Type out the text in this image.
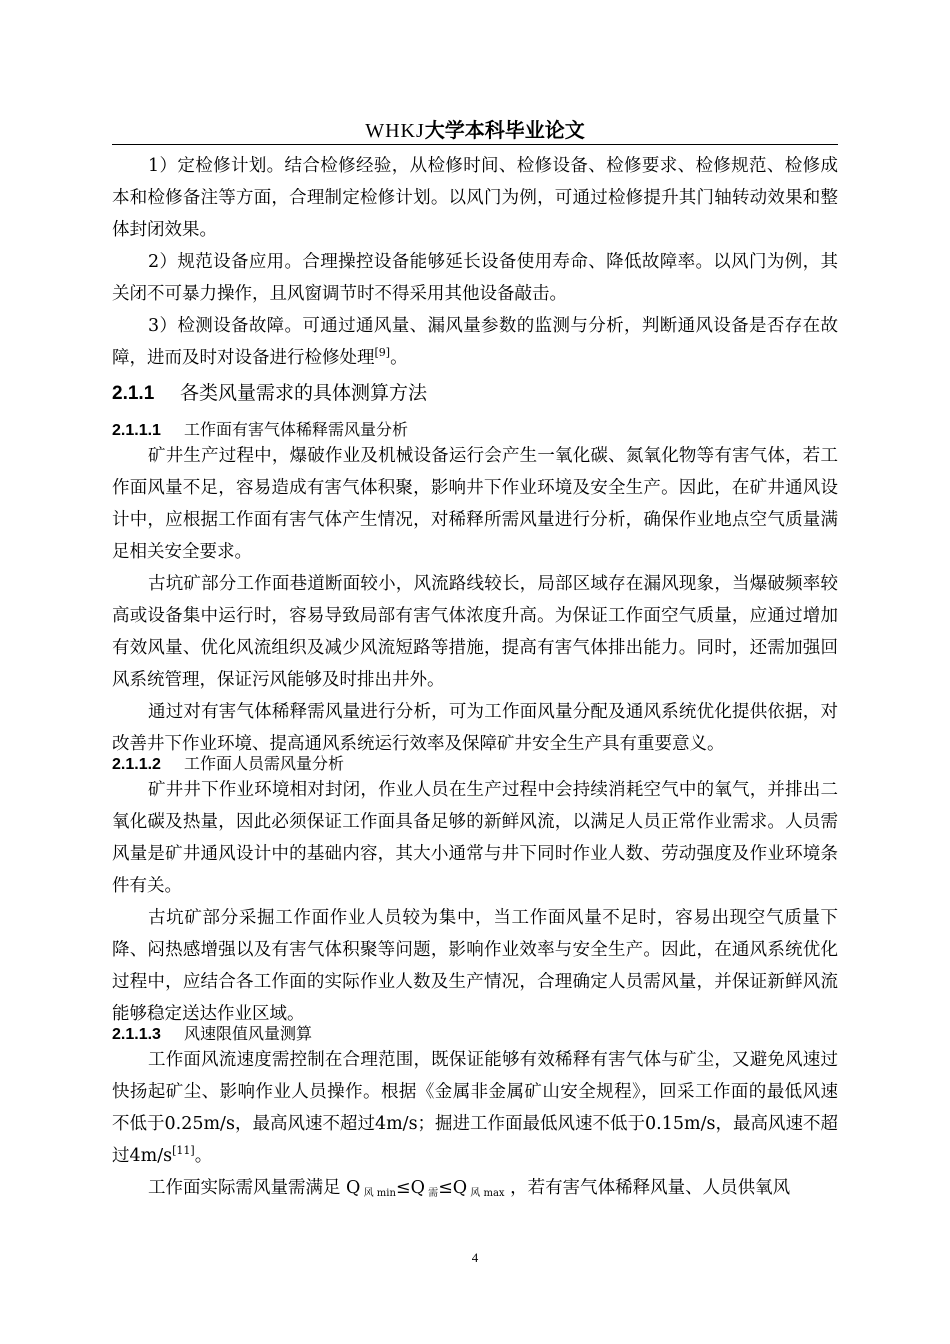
WHKJ大学本科毕业论文

1）定检修计划。结合检修经验，从检修时间、检修设备、检修要求、检修规范、检修成本和检修备注等方面，合理制定检修计划。以风门为例，可通过检修提升其门轴转动效果和整体封闭效果。

2）规范设备应用。合理操控设备能够延长设备使用寿命、降低故障率。以风门为例，其关闭不可暴力操作，且风窗调节时不得采用其他设备敲击。

3）检测设备故障。可通过通风量、漏风量参数的监测与分析，判断通风设备是否存在故障，进而及时对设备进行检修处理[9]。

2.1.1 各类风量需求的具体测算方法
2.1.1.1 工作面有害气体稀释需风量分析

矿井生产过程中，爆破作业及机械设备运行会产生一氧化碳、氮氧化物等有害气体，若工作面风量不足，容易造成有害气体积聚，影响井下作业环境及安全生产。因此，在矿井通风设计中，应根据工作面有害气体产生情况，对稀释所需风量进行分析，确保作业地点空气质量满足相关安全要求。

古坑矿部分工作面巷道断面较小，风流路线较长，局部区域存在漏风现象，当爆破频率较高或设备集中运行时，容易导致局部有害气体浓度升高。为保证工作面空气质量，应通过增加有效风量、优化风流组织及减少风流短路等措施，提高有害气体排出能力。同时，还需加强回风系统管理，保证污风能够及时排出井外。

通过对有害气体稀释需风量进行分析，可为工作面风量分配及通风系统优化提供依据，对改善井下作业环境、提高通风系统运行效率及保障矿井安全生产具有重要意义。

2.1.1.2 工作面人员需风量分析

矿井井下作业环境相对封闭，作业人员在生产过程中会持续消耗空气中的氧气，并排出二氧化碳及热量，因此必须保证工作面具备足够的新鲜风流，以满足人员正常作业需求。人员需风量是矿井通风设计中的基础内容，其大小通常与井下同时作业人数、劳动强度及作业环境条件有关。

古坑矿部分采掘工作面作业人员较为集中，当工作面风量不足时，容易出现空气质量下降、闷热感增强以及有害气体积聚等问题，影响作业效率与安全生产。因此，在通风系统优化过程中，应结合各工作面的实际作业人数及生产情况，合理确定人员需风量，并保证新鲜风流能够稳定送达作业区域。

2.1.1.3 风速限值风量测算

工作面风流速度需控制在合理范围，既保证能够有效稀释有害气体与矿尘，又避免风速过快扬起矿尘、影响作业人员操作。根据《金属非金属矿山安全规程》，回采工作面的最低风速不低于0.25m/s，最高风速不超过4m/s；掘进工作面最低风速不低于0.15m/s，最高风速不超过4m/s[11]。

工作面实际需风量需满足 Q $_{风 min}$≤Q $_需$≤Q $_{风 max}$ ，若有害气体稀释风量、人员供氧风

4
